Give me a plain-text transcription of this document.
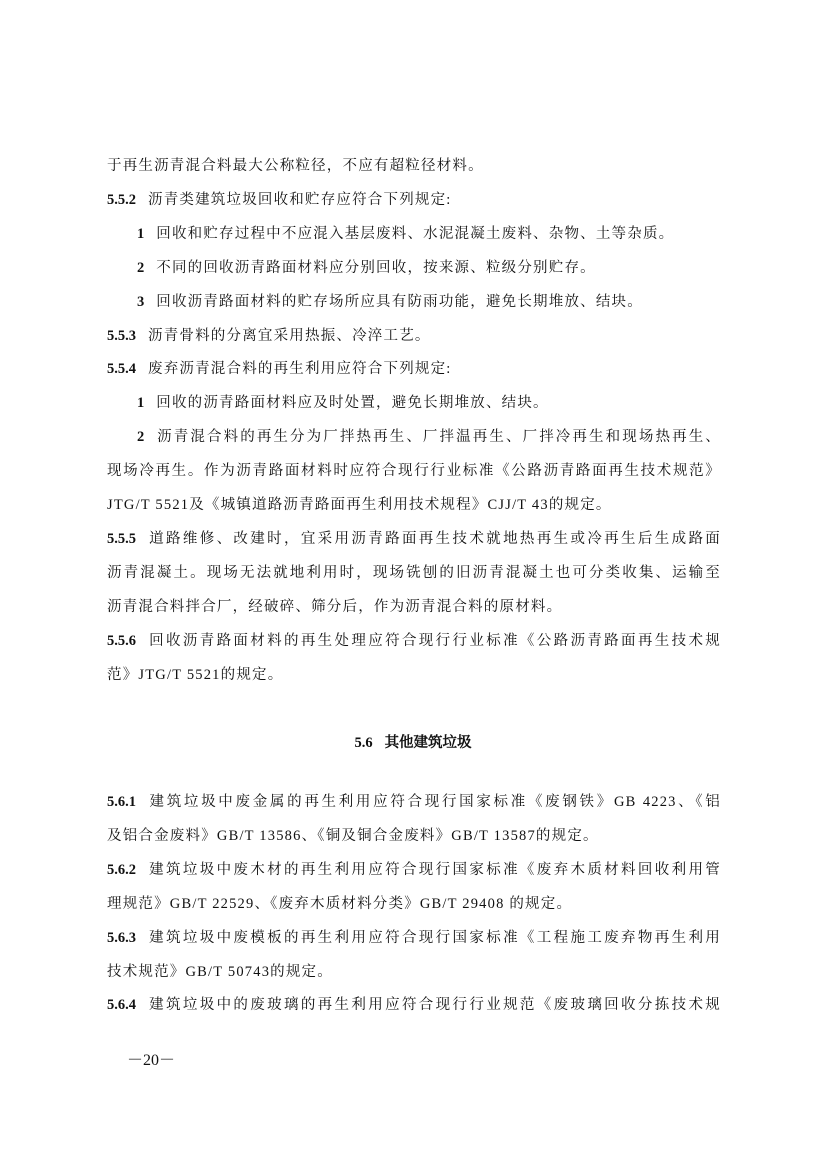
于再生沥青混合料最大公称粒径，不应有超粒径材料。
5.5.2 沥青类建筑垃圾回收和贮存应符合下列规定:
1 回收和贮存过程中不应混入基层废料、水泥混凝土废料、杂物、土等杂质。
2 不同的回收沥青路面材料应分别回收，按来源、粒级分别贮存。
3 回收沥青路面材料的贮存场所应具有防雨功能，避免长期堆放、结块。
5.5.3 沥青骨料的分离宜采用热振、冷淬工艺。
5.5.4 废弃沥青混合料的再生利用应符合下列规定:
1 回收的沥青路面材料应及时处置，避免长期堆放、结块。
2 沥青混合料的再生分为厂拌热再生、厂拌温再生、厂拌冷再生和现场热再生、
现场冷再生。作为沥青路面材料时应符合现行行业标准《公路沥青路面再生技术规范》
JTG/T 5521及《城镇道路沥青路面再生利用技术规程》CJJ/T 43的规定。
5.5.5 道路维修、改建时，宜采用沥青路面再生技术就地热再生或冷再生后生成路面
沥青混凝土。现场无法就地利用时，现场铣刨的旧沥青混凝土也可分类收集、运输至
沥青混合料拌合厂，经破碎、筛分后，作为沥青混合料的原材料。
5.5.6 回收沥青路面材料的再生处理应符合现行行业标准《公路沥青路面再生技术规
范》JTG/T 5521的规定。
5.6.1 建筑垃圾中废金属的再生利用应符合现行国家标准《废钢铁》GB 4223、《铝
及铝合金废料》GB/T 13586、《铜及铜合金废料》GB/T 13587的规定。
5.6.2 建筑垃圾中废木材的再生利用应符合现行国家标准《废弃木质材料回收利用管
理规范》GB/T 22529、《废弃木质材料分类》GB/T 29408 的规定。
5.6.3 建筑垃圾中废模板的再生利用应符合现行国家标准《工程施工废弃物再生利用
技术规范》GB/T 50743的规定。
5.6.4 建筑垃圾中的废玻璃的再生利用应符合现行行业规范《废玻璃回收分拣技术规
5.6 其他建筑垃圾
－20－
